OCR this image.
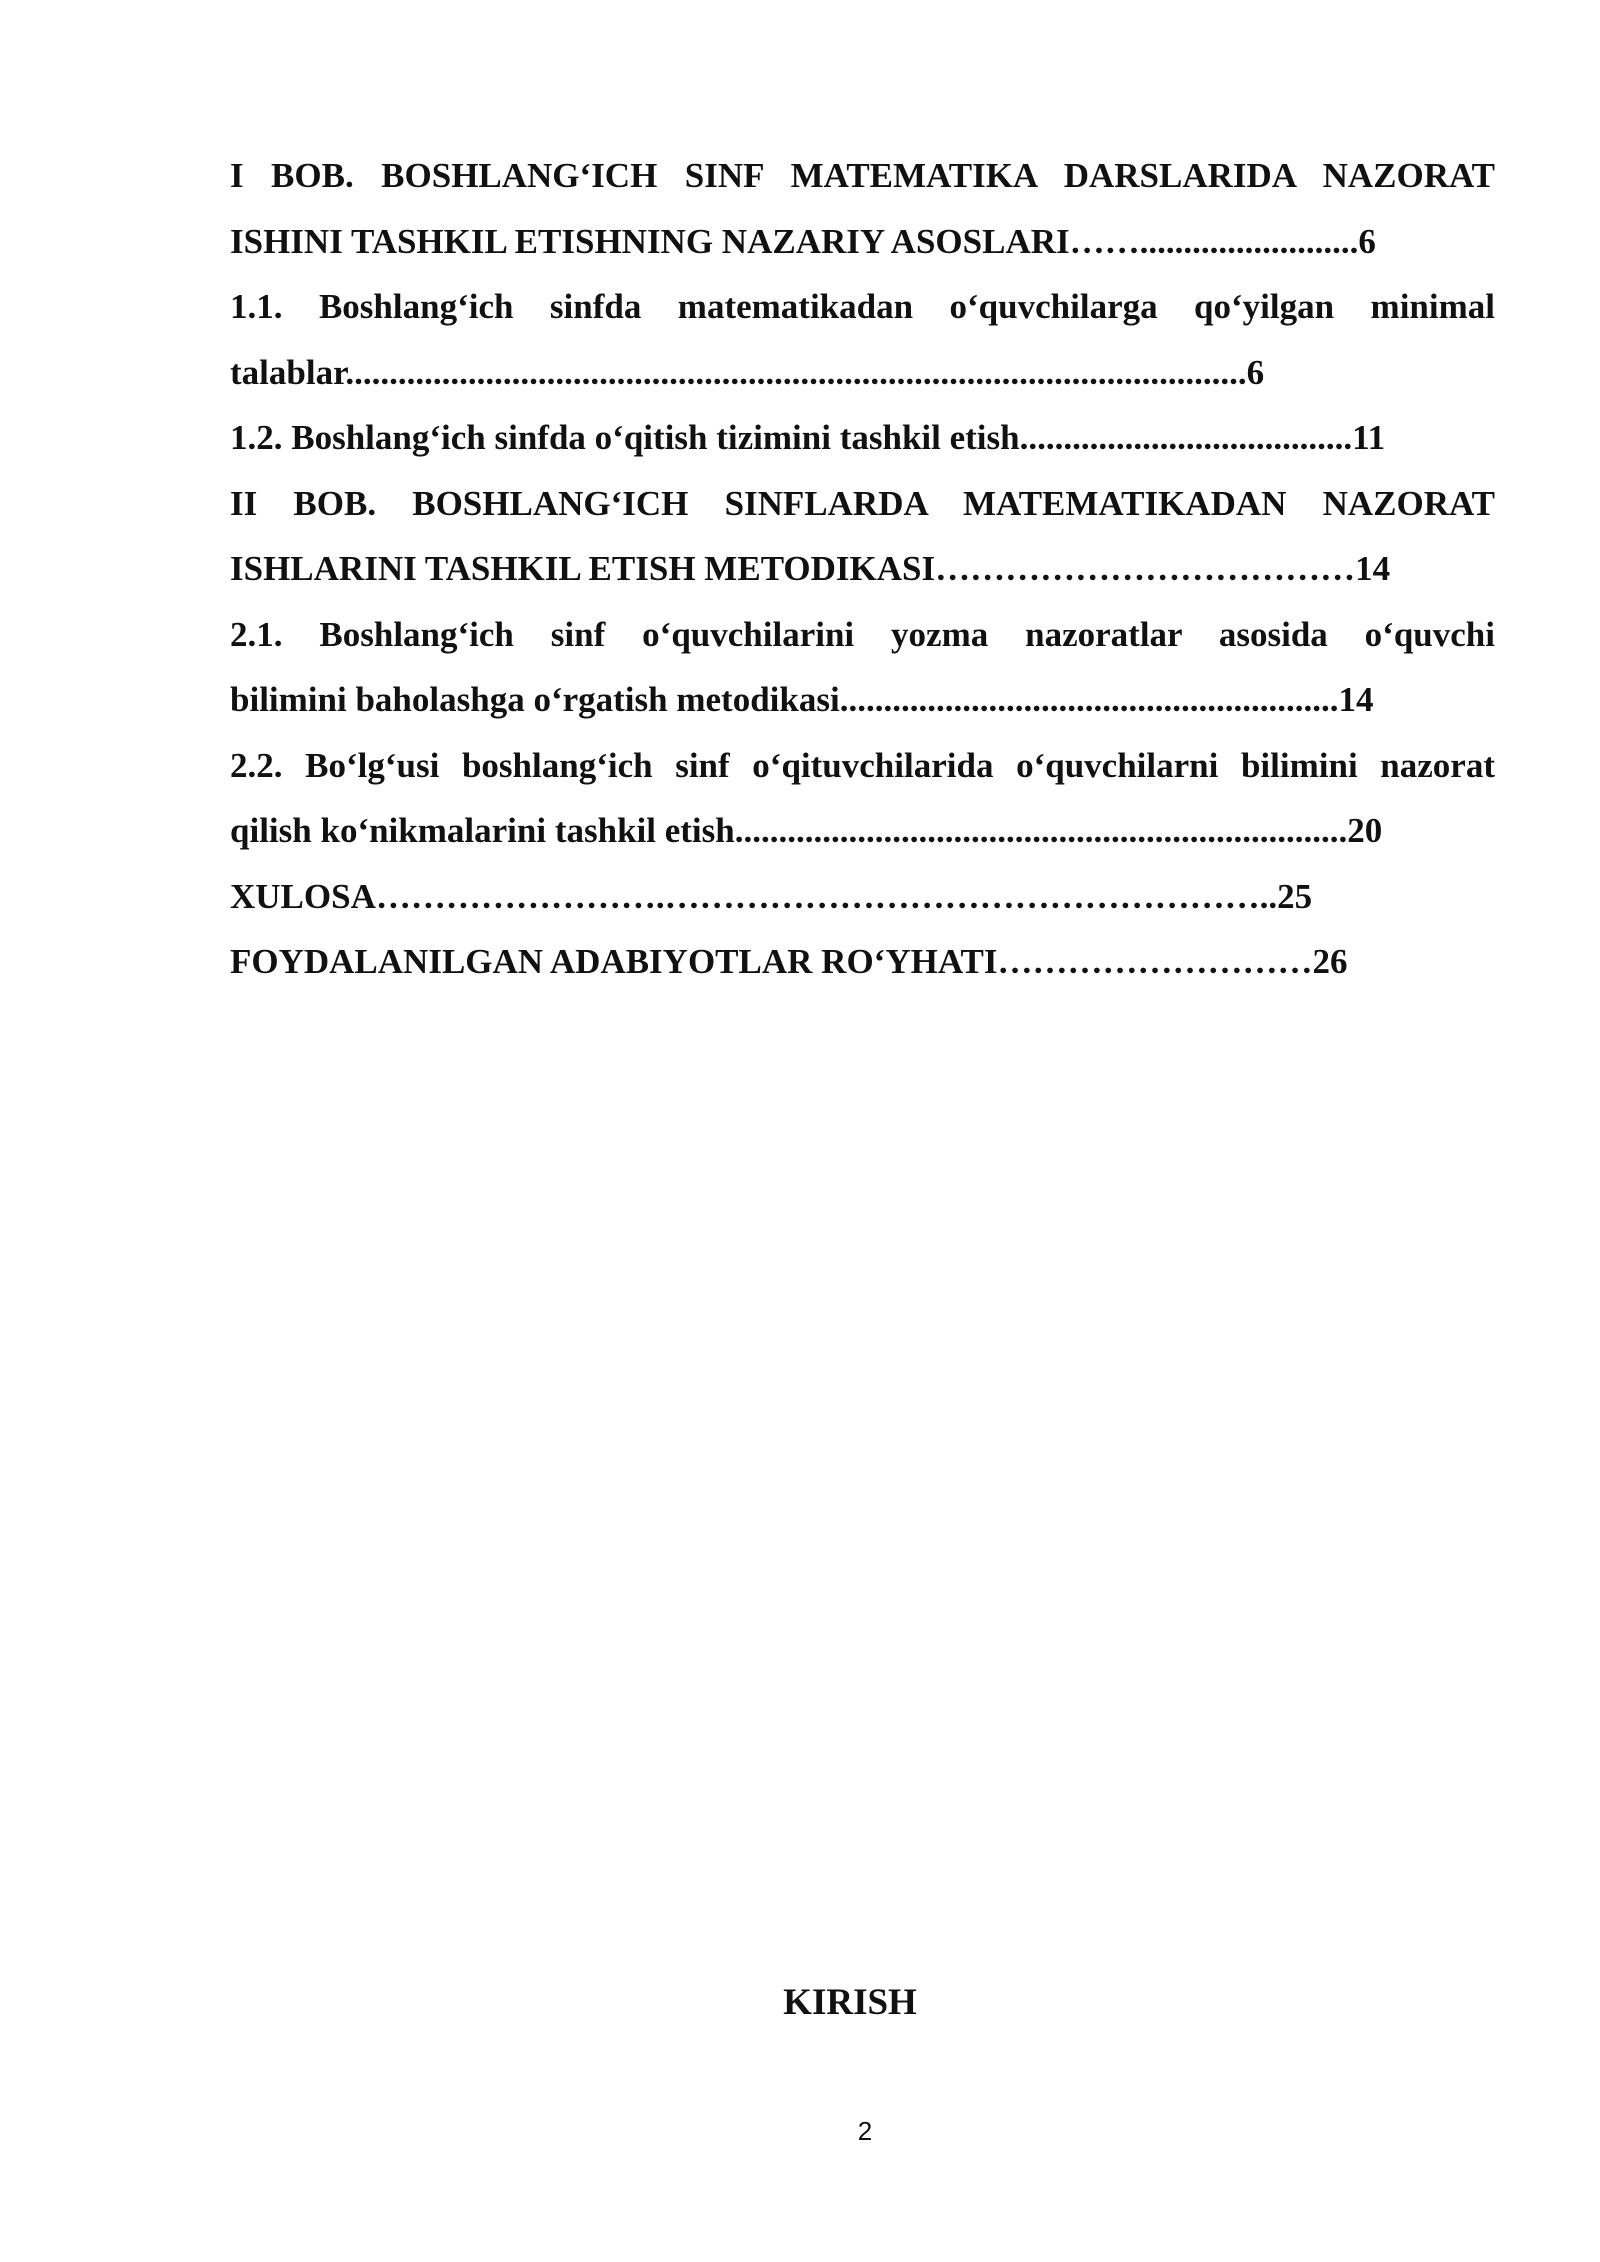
I BOB. BOSHLANG‘ICH SINF MATEMATIKA DARSLARIDA NAZORAT
ISHINI TASHKIL ETISHNING NAZARIY ASOSLARI…….........................6
1.1. Boshlang‘ich sinfda matematikadan o‘quvchilarga qo‘yilgan minimal
talablar.......................................................................................................6
1.2. Boshlang‘ich sinfda o‘qitish tizimini tashkil etish......................................11
II BOB. BOSHLANG‘ICH SINFLARDA MATEMATIKADAN NAZORAT
ISHLARINI TASHKIL ETISH METODIKASI………………………………14
2.1. Boshlang‘ich sinf o‘quvchilarini yozma nazoratlar asosida o‘quvchi
bilimini baholashga o‘rgatish metodikasi.........................................................14
2.2. Bo‘lg‘usi boshlang‘ich sinf o‘qituvchilarida o‘quvchilarni bilimini nazorat
qilish ko‘nikmalarini tashkil etish......................................................................20
XULOSA…………………….……………………………………………..25
FOYDALANILGAN ADABIYOTLAR RO‘YHATI………………………26
KIRISH
2
